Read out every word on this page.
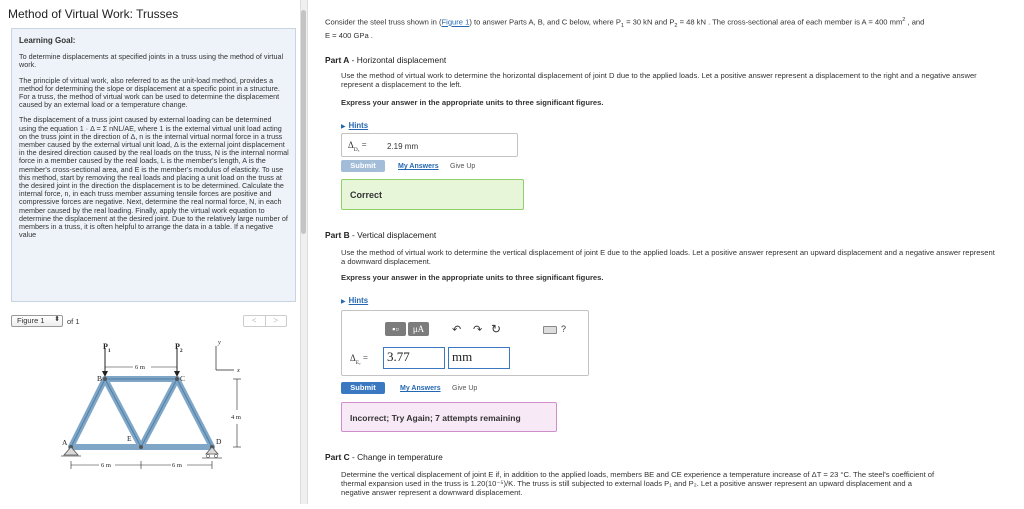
Method of Virtual Work: Trusses
Learning Goal:

To determine displacements at specified joints in a truss using the method of virtual work.

The principle of virtual work, also referred to as the unit-load method, provides a method for determining the slope or displacement at a specific point in a structure. For a truss, the method of virtual work can be used to determine the displacement caused by an external load or a temperature change.

The displacement of a truss joint caused by external loading can be determined using the equation 1 · Δ = Σ nNL/AE, where 1 is the external virtual unit load acting on the truss joint in the direction of Δ, n is the internal virtual normal force in a truss member caused by the external virtual unit load, Δ is the external joint displacement in the desired direction caused by the real loads on the truss, N is the internal normal force in a member caused by the real loads, L is the member's length, A is the member's cross-sectional area, and E is the member's modulus of elasticity. To use this method, start by removing the real loads and placing a unit load on the truss at the desired joint in the direction the displacement is to be determined. Calculate the internal force, n, in each truss member assuming tensile forces are positive and compressive forces are negative. Next, determine the real normal force, N, in each member caused by the real loading. Finally, apply the virtual work equation to determine the displacement at the desired joint. Due to the relatively large number of members in a truss, it is often helpful to arrange the data in a table. If a negative value

Figure 1 ⬍ of 1	<	>
$P_1$	$P_2$
A
B	C
D
E
6 m
4 m
6 m	6 m
y
x
Consider the steel truss shown in (Figure 1) to answer Parts A, B, and C below, where $P_1 = 30$ kN and $P_2 = 48$ kN . The cross-sectional area of each member is A = 400 $mm^2$ , and
E = 400 GPa .
Part A - Horizontal displacement
Use the method of virtual work to determine the horizontal displacement of joint D due to the applied loads. Let a positive answer represent a displacement to the right and a negative answer represent a displacement to the left.
Express your answer in the appropriate units to three significant figures.
▶ Hints
$\Delta_{D_x}$ =	2.19 mm
Submit	My Answers Give Up
Correct
Part B - Vertical displacement
Use the method of virtual work to determine the vertical displacement of joint E due to the applied loads. Let a positive answer represent an upward displacement and a negative answer represent a downward displacement.
Express your answer in the appropriate units to three significant figures.
▶ Hints
▪▫	μA	↶ ↷ ↻	?
$\Delta_{Eᵧ}$ =	3.77	mm
Submit	My Answers Give Up
Incorrect; Try Again; 7 attempts remaining
Part C - Change in temperature
Determine the vertical displacement of joint E if, in addition to the applied loads, members BE and CE experience a temperature increase of ΔT = 23 °C. The steel's coefficient of
thermal expansion used in the truss is 1.20(10⁻⁵)/K. The truss is still subjected to external loads P₁ and P₂. Let a positive answer represent an upward displacement and a
negative answer represent a downward displacement.
